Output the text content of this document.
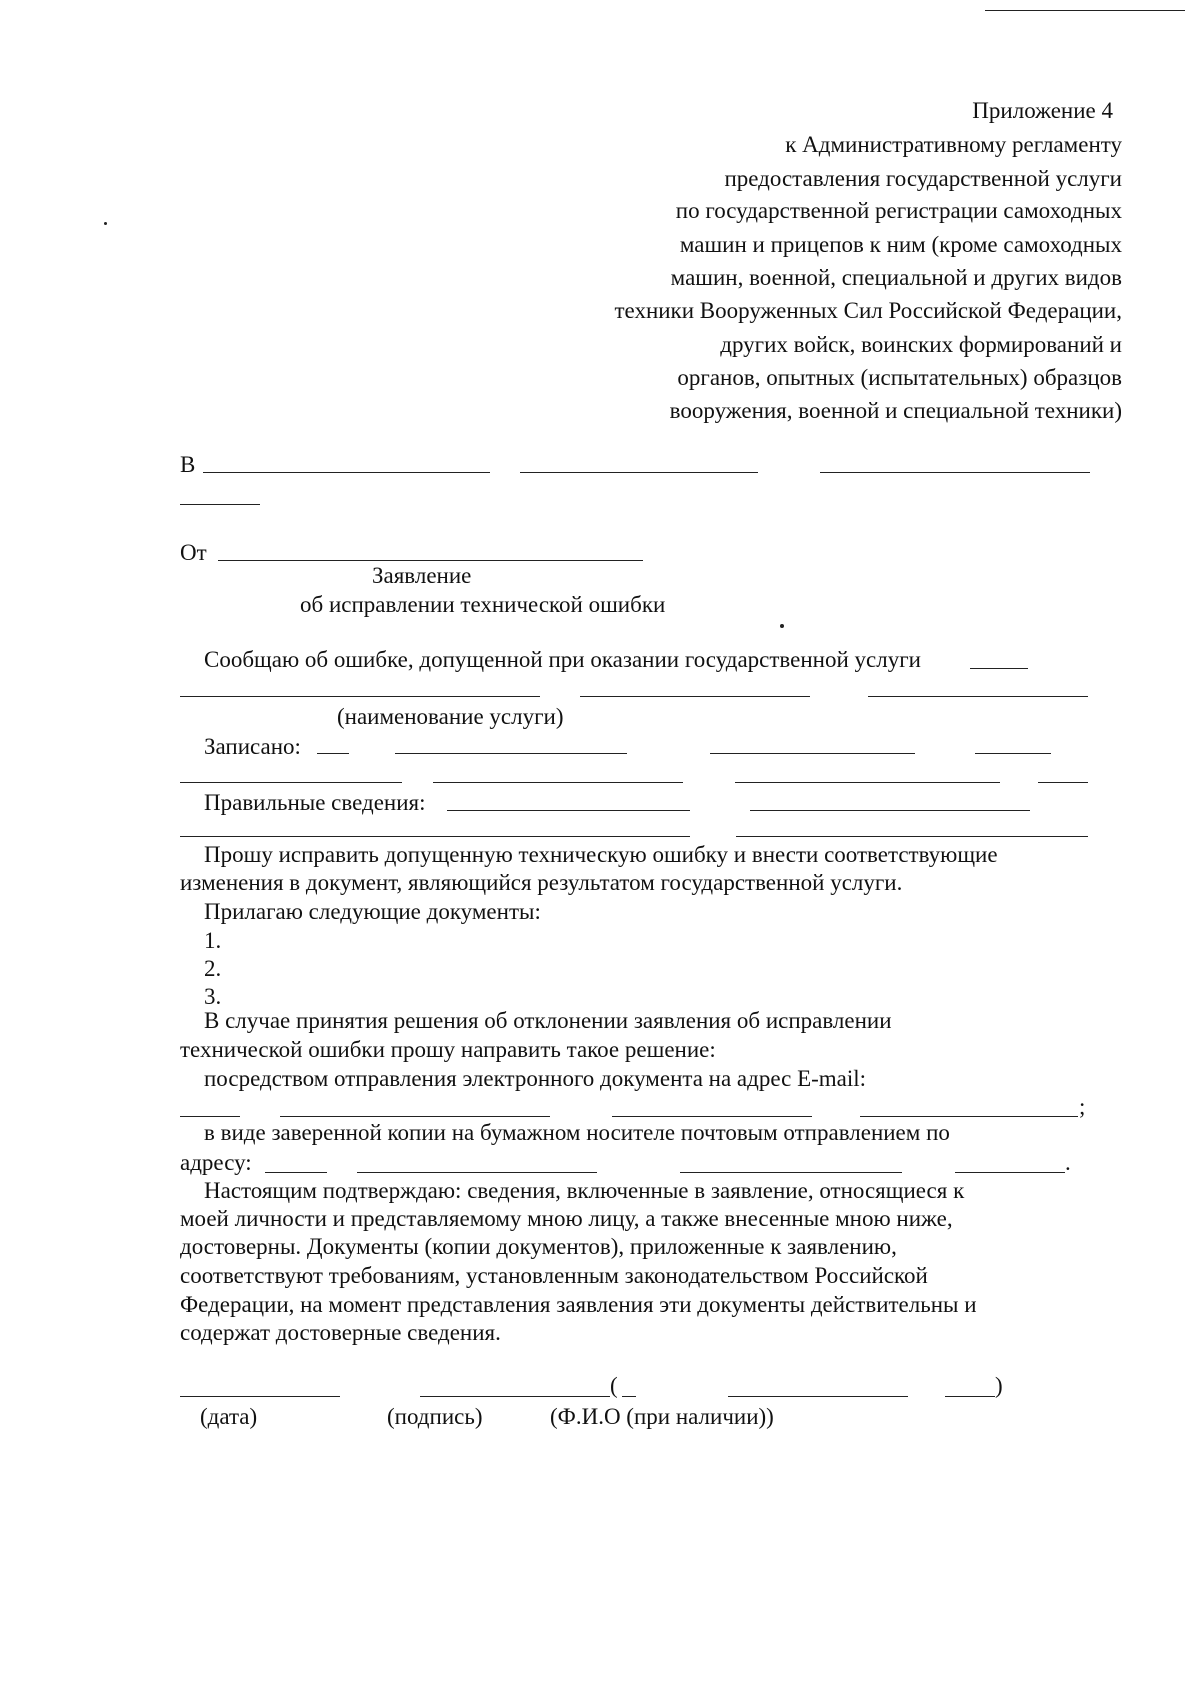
Приложение 4
к Административному регламенту
предоставления государственной услуги
по государственной регистрации самоходных
машин и прицепов к ним (кроме самоходных
машин, военной, специальной и других видов
техники Вооруженных Сил Российской Федерации,
других войск, воинских формирований и
органов, опытных (испытательных) образцов
вооружения, военной и специальной техники)
В
От
Заявление
об исправлении технической ошибки
Сообщаю об ошибке, допущенной при оказании государственной услуги
(наименование услуги)
Записано:
Правильные сведения:
Прошу исправить допущенную техническую ошибку и внести соответствующие
изменения в документ, являющийся результатом государственной услуги.
Прилагаю следующие документы:
1.
2.
3.
В случае принятия решения об отклонении заявления об исправлении
технической ошибки прошу направить такое решение:
посредством отправления электронного документа на адрес E-mail:
;
в виде заверенной копии на бумажном носителе почтовым отправлением по
адресу:	.
Настоящим подтверждаю: сведения, включенные в заявление, относящиеся к
моей личности и представляемому мною лицу, а также внесенные мною ниже,
достоверны. Документы (копии документов), приложенные к заявлению,
соответствуют требованиям, установленным законодательством Российской
Федерации, на момент представления заявления эти документы действительны и
содержат достоверные сведения.
(	)
(дата)	(подпись)	(Ф.И.О (при наличии))
